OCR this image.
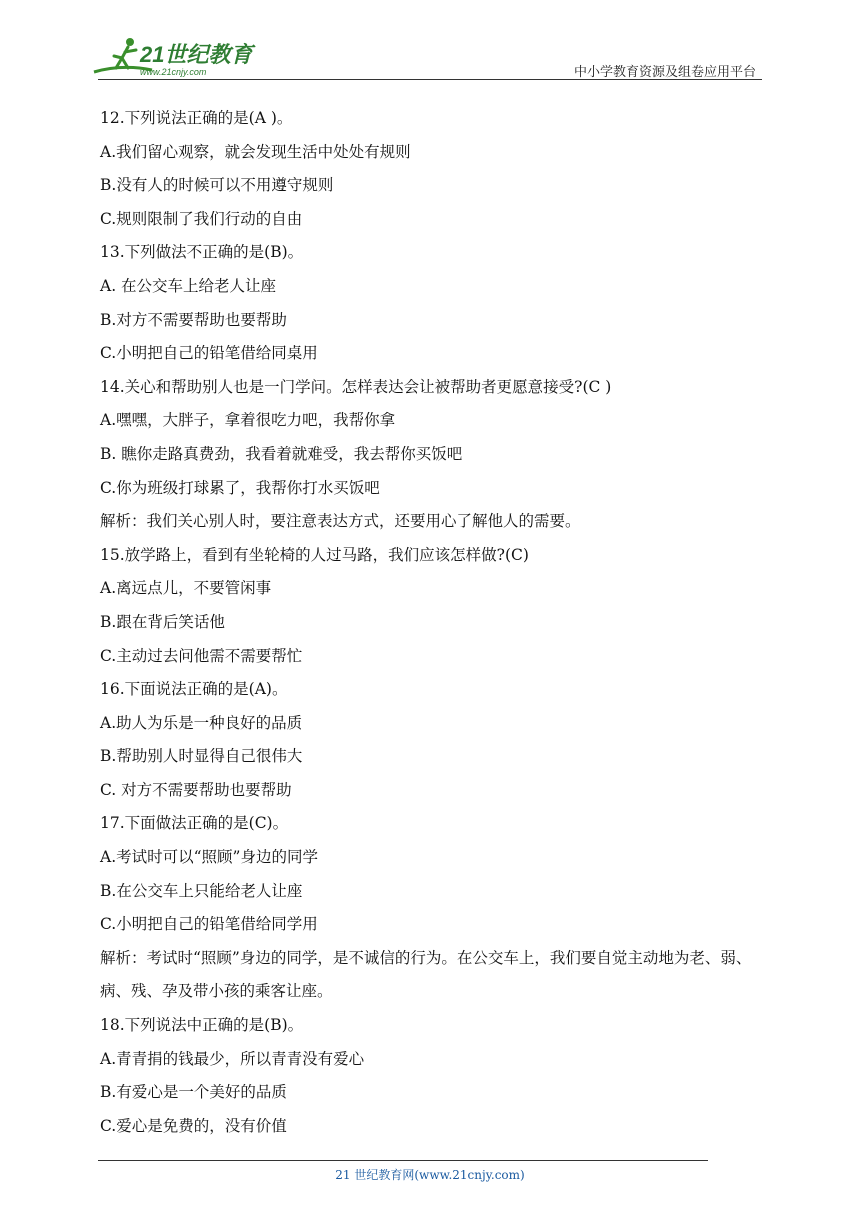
21世纪教育
www.21cnjy.com	中小学教育资源及组卷应用平台
12.下列说法正确的是(A )。
A.我们留心观察，就会发现生活中处处有规则
B.没有人的时候可以不用遵守规则
C.规则限制了我们行动的自由
13.下列做法不正确的是(B)。
A. 在公交车上给老人让座
B.对方不需要帮助也要帮助
C.小明把自己的铅笔借给同桌用
14.关心和帮助别人也是一门学问。怎样表达会让被帮助者更愿意接受?(C )
A.嘿嘿，大胖子，拿着很吃力吧，我帮你拿
B. 瞧你走路真费劲，我看着就难受，我去帮你买饭吧
C.你为班级打球累了，我帮你打水买饭吧
解析：我们关心别人时，要注意表达方式，还要用心了解他人的需要。
15.放学路上，看到有坐轮椅的人过马路，我们应该怎样做?(C)
A.离远点儿，不要管闲事
B.跟在背后笑话他
C.主动过去问他需不需要帮忙
16.下面说法正确的是(A)。
A.助人为乐是一种良好的品质
B.帮助别人时显得自己很伟大
C. 对方不需要帮助也要帮助
17.下面做法正确的是(C)。
A.考试时可以“照顾”身边的同学
B.在公交车上只能给老人让座
C.小明把自己的铅笔借给同学用
解析：考试时“照顾”身边的同学，是不诚信的行为。在公交车上，我们要自觉主动地为老、弱、病、残、孕及带小孩的乘客让座。
18.下列说法中正确的是(B)。
A.青青捐的钱最少，所以青青没有爱心
B.有爱心是一个美好的品质
C.爱心是免费的，没有价值
21 世纪教育网(www.21cnjy.com)
